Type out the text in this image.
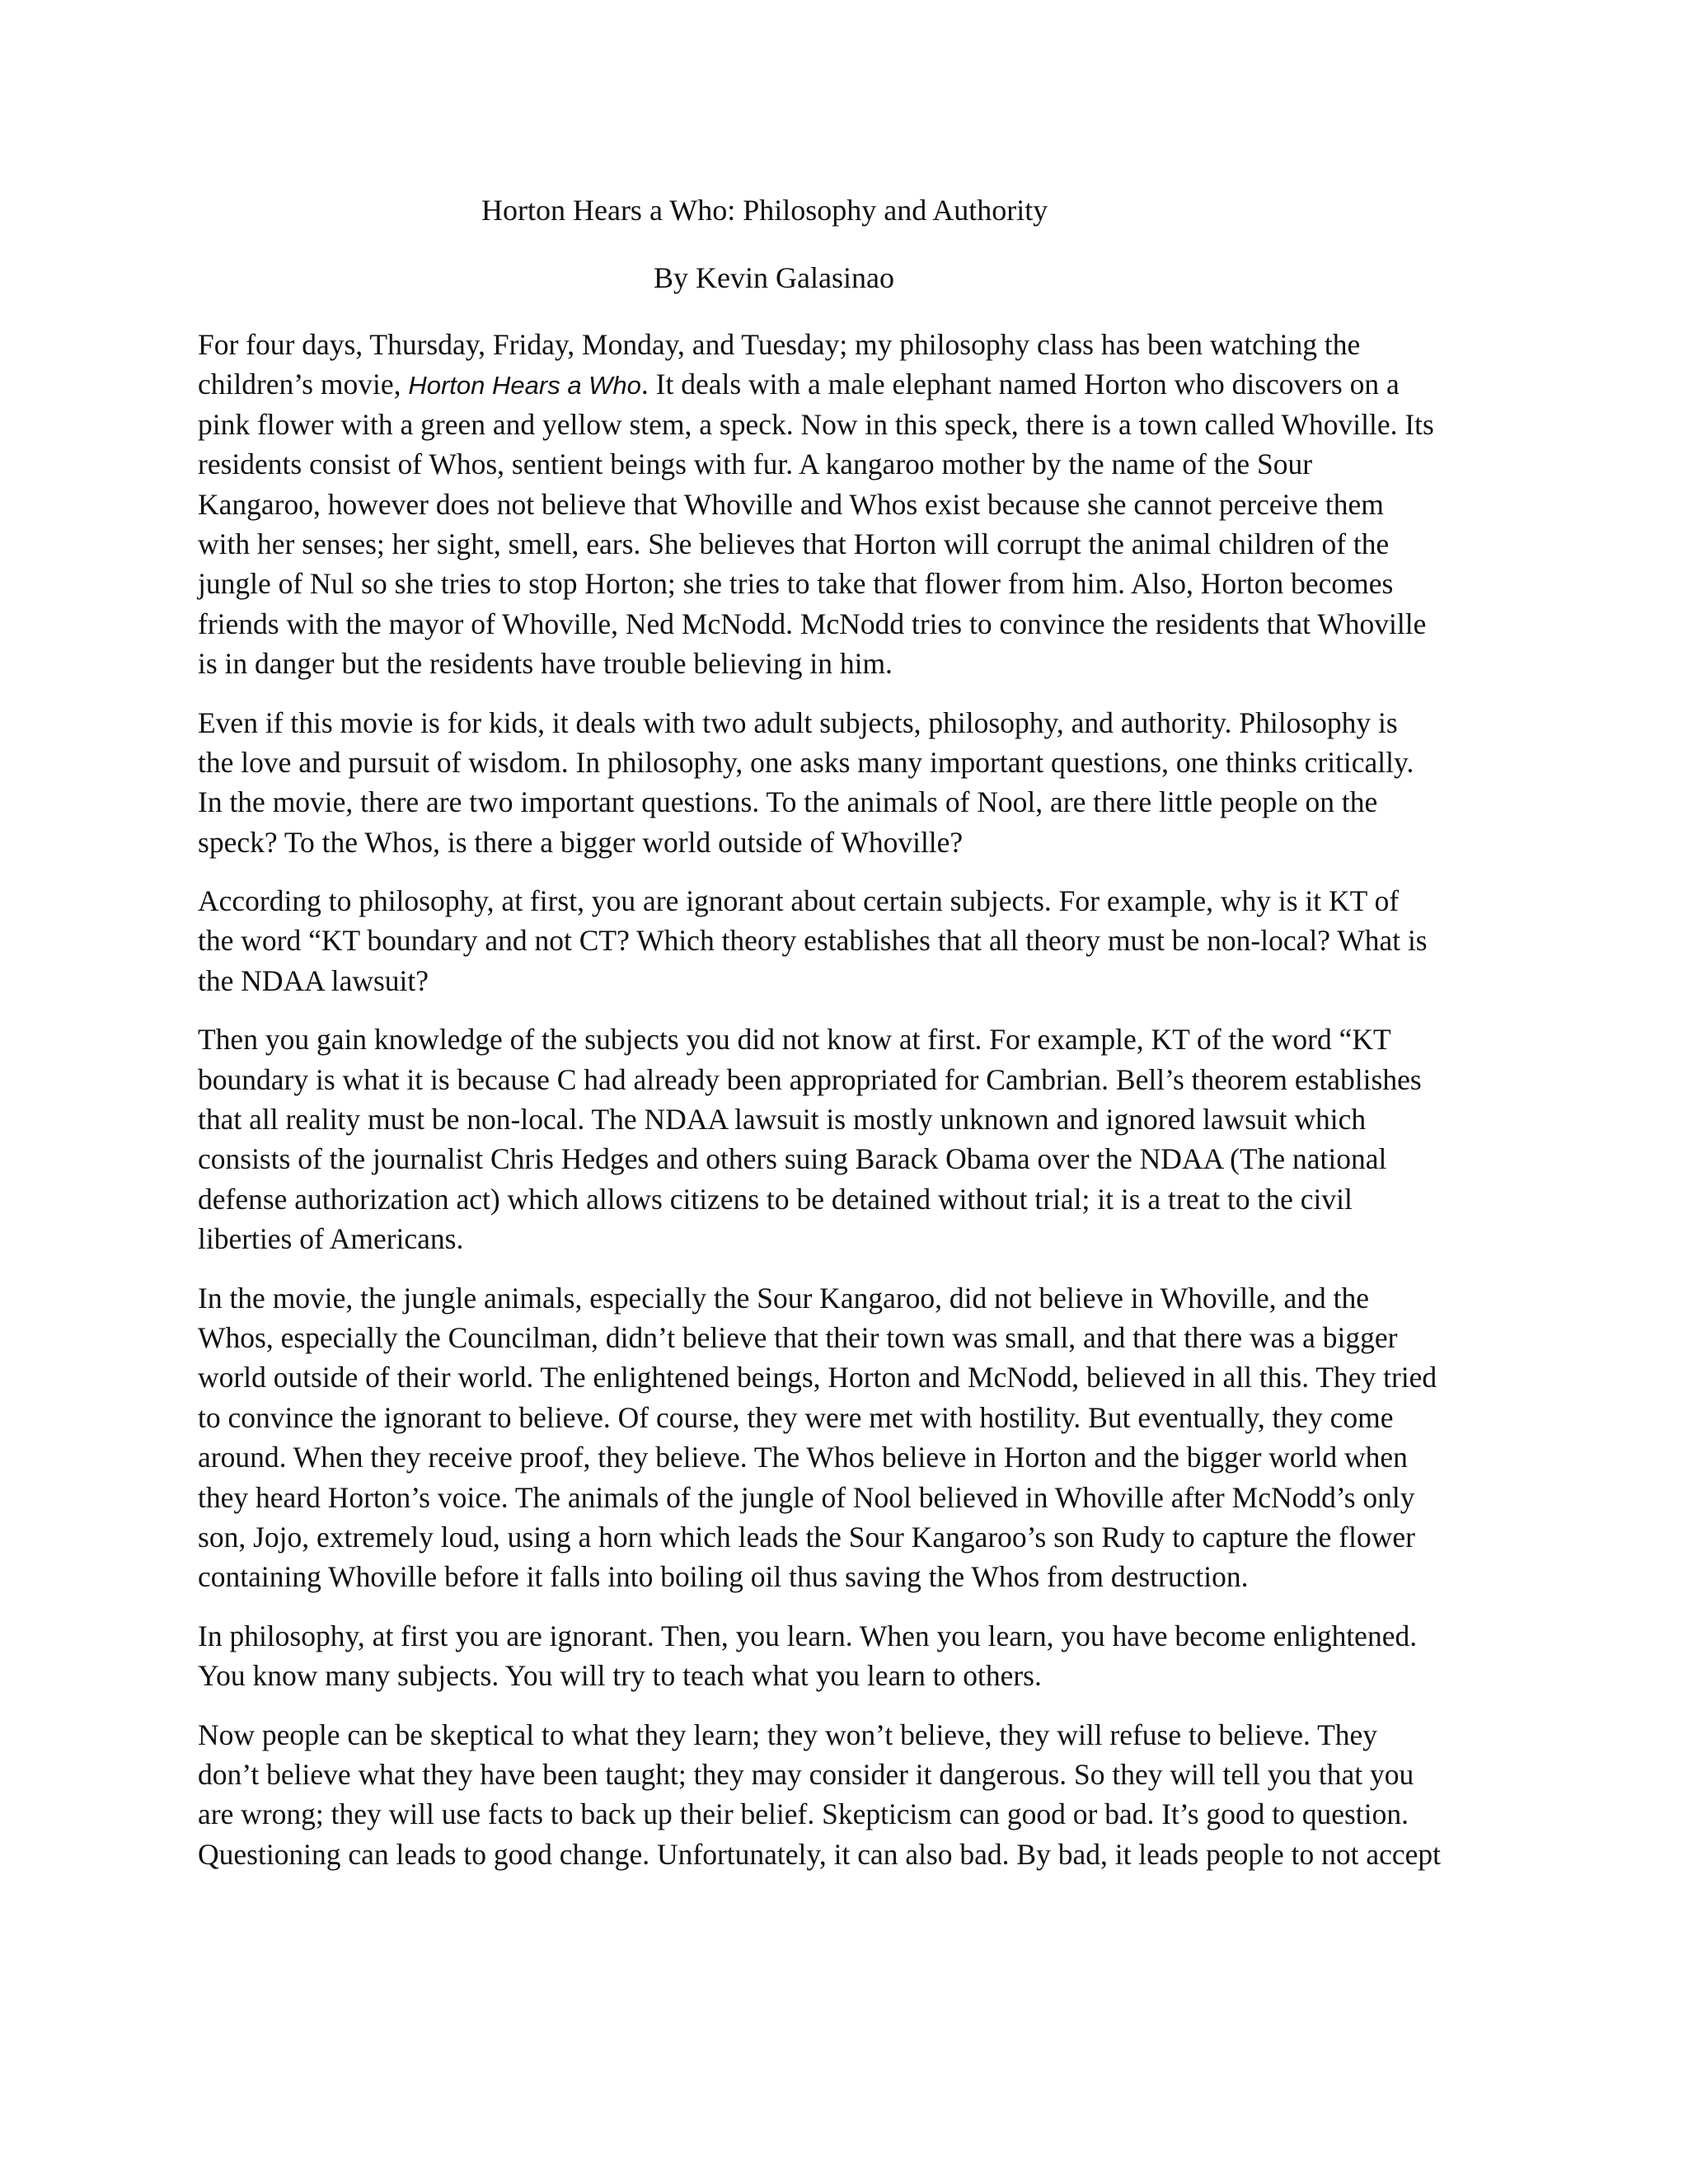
Horton Hears a Who: Philosophy and Authority
By Kevin Galasinao
For four days, Thursday, Friday, Monday, and Tuesday; my philosophy class has been watching the
children’s movie, Horton Hears a Who. It deals with a male elephant named Horton who discovers on a
pink flower with a green and yellow stem, a speck. Now in this speck, there is a town called Whoville. Its
residents consist of Whos, sentient beings with fur. A kangaroo mother by the name of the Sour
Kangaroo, however does not believe that Whoville and Whos exist because she cannot perceive them
with her senses; her sight, smell, ears. She believes that Horton will corrupt the animal children of the
jungle of Nul so she tries to stop Horton; she tries to take that flower from him. Also, Horton becomes
friends with the mayor of Whoville, Ned McNodd. McNodd tries to convince the residents that Whoville
is in danger but the residents have trouble believing in him.
Even if this movie is for kids, it deals with two adult subjects, philosophy, and authority. Philosophy is
the love and pursuit of wisdom. In philosophy, one asks many important questions, one thinks critically.
In the movie, there are two important questions. To the animals of Nool, are there little people on the
speck? To the Whos, is there a bigger world outside of Whoville?
According to philosophy, at first, you are ignorant about certain subjects. For example, why is it KT of
the word “KT boundary and not CT? Which theory establishes that all theory must be non-local? What is
the NDAA lawsuit?
Then you gain knowledge of the subjects you did not know at first. For example, KT of the word “KT
boundary is what it is because C had already been appropriated for Cambrian. Bell’s theorem establishes
that all reality must be non-local. The NDAA lawsuit is mostly unknown and ignored lawsuit which
consists of the journalist Chris Hedges and others suing Barack Obama over the NDAA (The national
defense authorization act) which allows citizens to be detained without trial; it is a treat to the civil
liberties of Americans.
In the movie, the jungle animals, especially the Sour Kangaroo, did not believe in Whoville, and the
Whos, especially the Councilman, didn’t believe that their town was small, and that there was a bigger
world outside of their world. The enlightened beings, Horton and McNodd, believed in all this. They tried
to convince the ignorant to believe. Of course, they were met with hostility. But eventually, they come
around. When they receive proof, they believe. The Whos believe in Horton and the bigger world when
they heard Horton’s voice. The animals of the jungle of Nool believed in Whoville after McNodd’s only
son, Jojo, extremely loud, using a horn which leads the Sour Kangaroo’s son Rudy to capture the flower
containing Whoville before it falls into boiling oil thus saving the Whos from destruction.
In philosophy, at first you are ignorant. Then, you learn. When you learn, you have become enlightened.
You know many subjects. You will try to teach what you learn to others.
Now people can be skeptical to what they learn; they won’t believe, they will refuse to believe. They
don’t believe what they have been taught; they may consider it dangerous. So they will tell you that you
are wrong; they will use facts to back up their belief. Skepticism can good or bad. It’s good to question.
Questioning can leads to good change. Unfortunately, it can also bad. By bad, it leads people to not accept
